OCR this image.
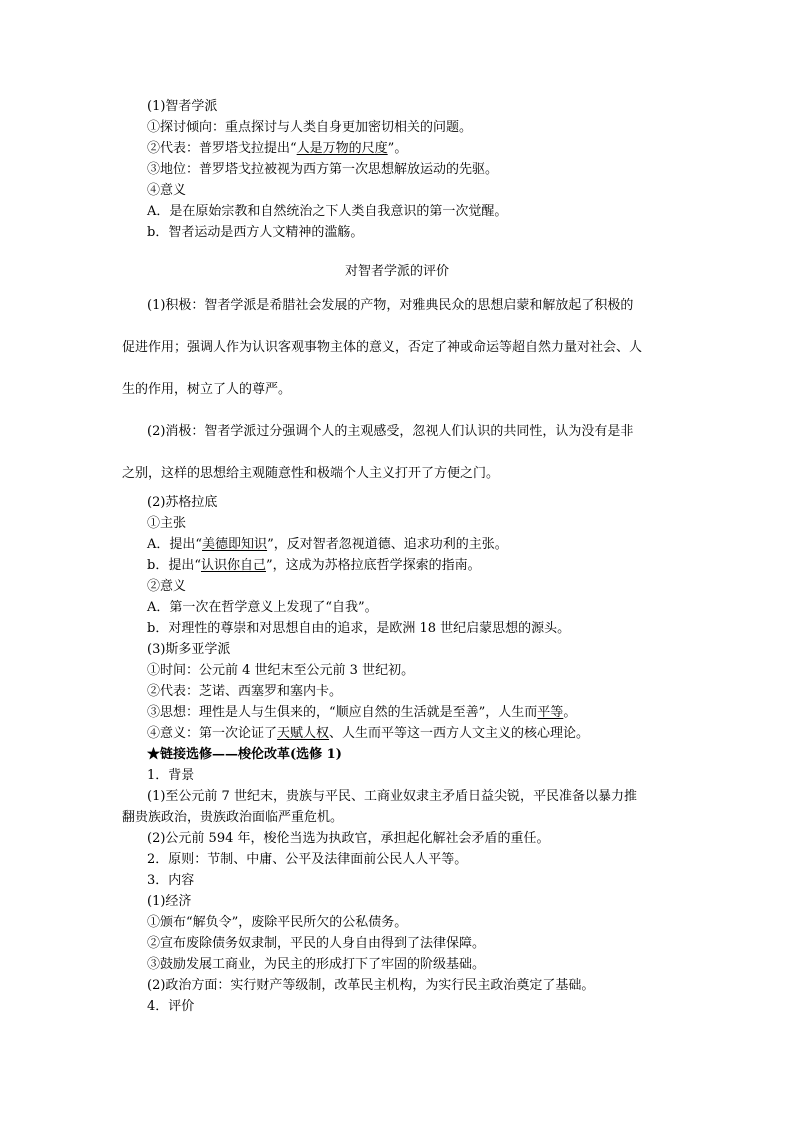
(1)智者学派
①探讨倾向：重点探讨与人类自身更加密切相关的问题。
②代表：普罗塔戈拉提出“人是万物的尺度”。
③地位：普罗塔戈拉被视为西方第一次思想解放运动的先驱。
④意义
A．是在原始宗教和自然统治之下人类自我意识的第一次觉醒。
b．智者运动是西方人文精神的滥觞。
对智者学派的评价
(1)积极：智者学派是希腊社会发展的产物，对雅典民众的思想启蒙和解放起了积极的
促进作用；强调人作为认识客观事物主体的意义，否定了神或命运等超自然力量对社会、人
生的作用，树立了人的尊严。
(2)消极：智者学派过分强调个人的主观感受，忽视人们认识的共同性，认为没有是非
之别，这样的思想给主观随意性和极端个人主义打开了方便之门。
(2)苏格拉底
①主张
A．提出“美德即知识”，反对智者忽视道德、追求功利的主张。
b．提出“认识你自己”，这成为苏格拉底哲学探索的指南。
②意义
A．第一次在哲学意义上发现了“自我”。
b．对理性的尊崇和对思想自由的追求，是欧洲 18 世纪启蒙思想的源头。
(3)斯多亚学派
①时间：公元前 4 世纪末至公元前 3 世纪初。
②代表：芝诺、西塞罗和塞内卡。
③思想：理性是人与生俱来的，“顺应自然的生活就是至善”，人生而平等。
④意义：第一次论证了天赋人权、人生而平等这一西方人文主义的核心理论。
★链接选修——梭伦改革(选修 1)
1．背景
(1)至公元前 7 世纪末，贵族与平民、工商业奴隶主矛盾日益尖锐，平民准备以暴力推
翻贵族政治，贵族政治面临严重危机。
(2)公元前 594 年，梭伦当选为执政官，承担起化解社会矛盾的重任。
2．原则：节制、中庸、公平及法律面前公民人人平等。
3．内容
(1)经济
①颁布“解负令”，废除平民所欠的公私债务。
②宣布废除债务奴隶制，平民的人身自由得到了法律保障。
③鼓励发展工商业，为民主的形成打下了牢固的阶级基础。
(2)政治方面：实行财产等级制，改革民主机构，为实行民主政治奠定了基础。
4．评价
